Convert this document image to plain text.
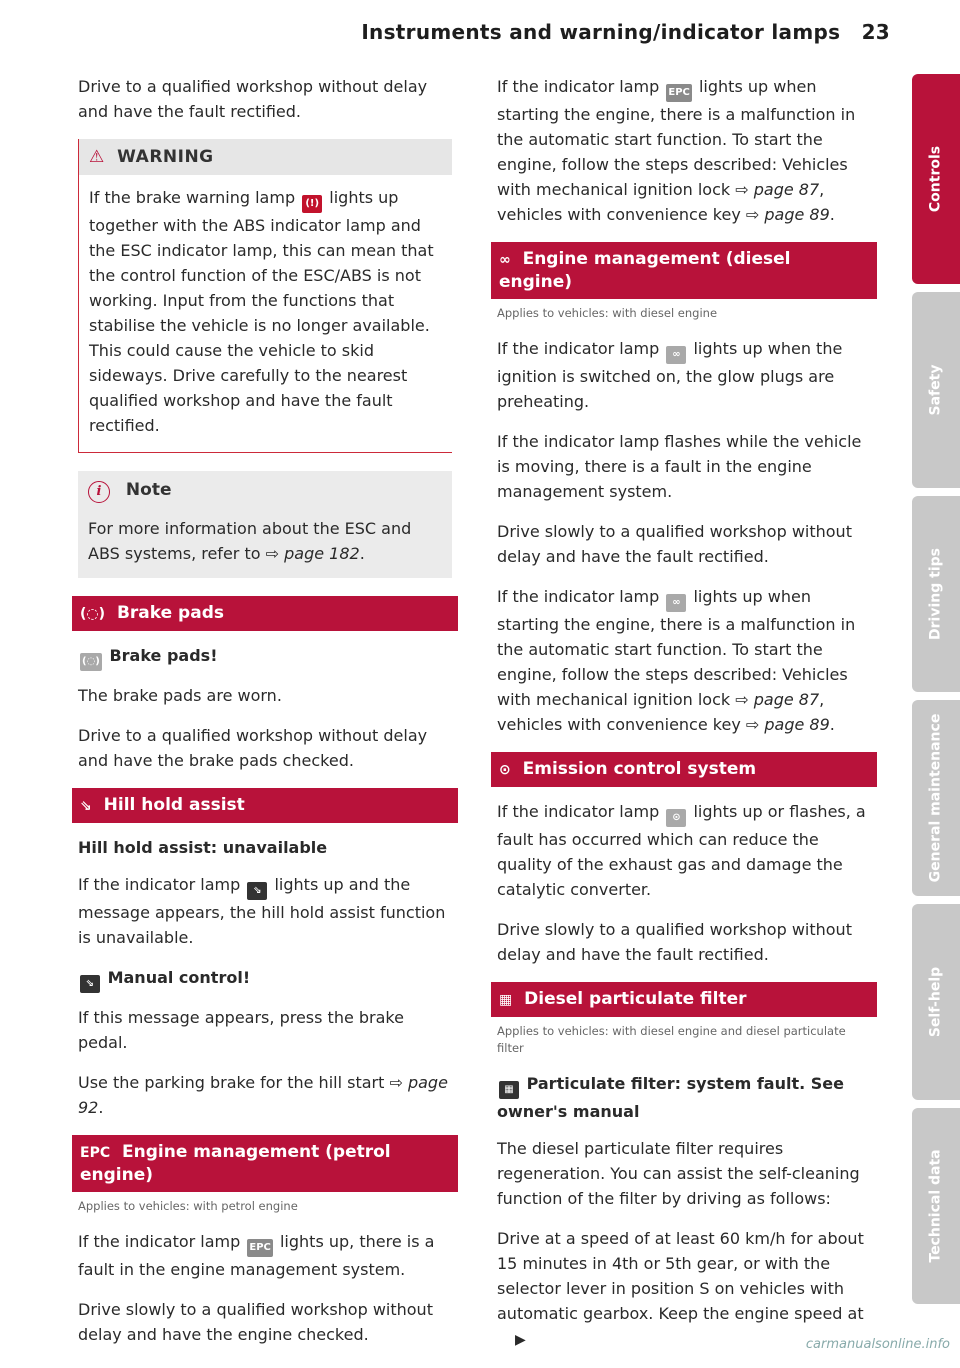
Instruments and warning/indicator lamps 23

Drive to a qualified workshop without delay and have the fault rectified.

⚠ WARNING

If the brake warning lamp (!) lights up together with the ABS indicator lamp and the ESC indicator lamp, this can mean that the control function of the ESC/ABS is not working. Input from the functions that stabilise the vehicle is no longer available. This could cause the vehicle to skid sideways. Drive carefully to the nearest qualified workshop and have the fault rectified.

i Note

For more information about the ESC and ABS systems, refer to ⇨ page 182.

(◌) Brake pads
(◌) Brake pads!

The brake pads are worn.

Drive to a qualified workshop without delay and have the brake pads checked.

⇘ Hill hold assist
Hill hold assist: unavailable

If the indicator lamp ⇘ lights up and the message appears, the hill hold assist function is unavailable.

⇘ Manual control!

If this message appears, press the brake pedal.

Use the parking brake for the hill start ⇨ page 92.

EPC Engine management (petrol engine)
Applies to vehicles: with petrol engine

If the indicator lamp EPC lights up, there is a fault in the engine management system.

Drive slowly to a qualified workshop without delay and have the engine checked.

If the indicator lamp EPC lights up when starting the engine, there is a malfunction in the automatic start function. To start the engine, follow the steps described: Vehicles with mechanical ignition lock ⇨ page 87, vehicles with convenience key ⇨ page 89.

∞ Engine management (diesel engine)
Applies to vehicles: with diesel engine

If the indicator lamp ∞ lights up when the ignition is switched on, the glow plugs are preheating.

If the indicator lamp flashes while the vehicle is moving, there is a fault in the engine management system.

Drive slowly to a qualified workshop without delay and have the fault rectified.

If the indicator lamp ∞ lights up when starting the engine, there is a malfunction in the automatic start function. To start the engine, follow the steps described: Vehicles with mechanical ignition lock ⇨ page 87, vehicles with convenience key ⇨ page 89.

⊙ Emission control system

If the indicator lamp ⊙ lights up or flashes, a fault has occurred which can reduce the quality of the exhaust gas and damage the catalytic converter.

Drive slowly to a qualified workshop without delay and have the fault rectified.

▦ Diesel particulate filter
Applies to vehicles: with diesel engine and diesel particulate filter
▦ Particulate filter: system fault. See owner's manual

The diesel particulate filter requires regeneration. You can assist the self-cleaning function of the filter by driving as follows:

Drive at a speed of at least 60 km/h for about 15 minutes in 4th or 5th gear, or with the selector lever in position S on vehicles with automatic gearbox. Keep the engine speed at ▶

Controls
Safety
Driving tips
General maintenance
Self-help
Technical data
carmanualsonline.info
